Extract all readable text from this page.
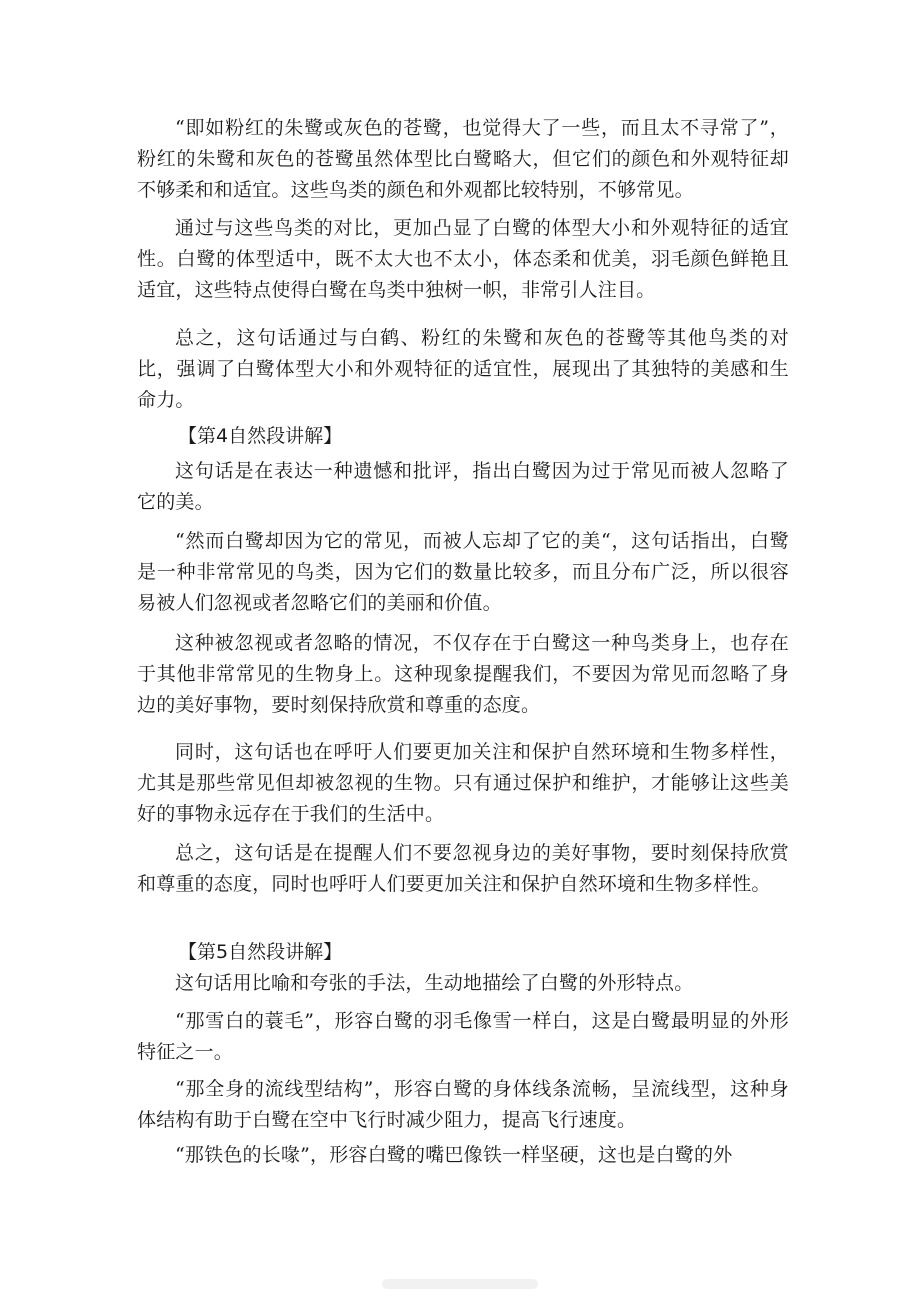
“即如粉红的朱鹭或灰色的苍鹭，也觉得大了一些，而且太不寻常了”，粉红的朱鹭和灰色的苍鹭虽然体型比白鹭略大，但它们的颜色和外观特征却不够柔和和适宜。这些鸟类的颜色和外观都比较特别，不够常见。

通过与这些鸟类的对比，更加凸显了白鹭的体型大小和外观特征的适宜性。白鹭的体型适中，既不太大也不太小，体态柔和优美，羽毛颜色鲜艳且适宜，这些特点使得白鹭在鸟类中独树一帜，非常引人注目。

总之，这句话通过与白鹤、粉红的朱鹭和灰色的苍鹭等其他鸟类的对比，强调了白鹭体型大小和外观特征的适宜性，展现出了其独特的美感和生命力。

【第4自然段讲解】

这句话是在表达一种遗憾和批评，指出白鹭因为过于常见而被人忽略了它的美。

“然而白鹭却因为它的常见，而被人忘却了它的美“，这句话指出，白鹭是一种非常常见的鸟类，因为它们的数量比较多，而且分布广泛，所以很容易被人们忽视或者忽略它们的美丽和价值。

这种被忽视或者忽略的情况，不仅存在于白鹭这一种鸟类身上，也存在于其他非常常见的生物身上。这种现象提醒我们，不要因为常见而忽略了身边的美好事物，要时刻保持欣赏和尊重的态度。

同时，这句话也在呼吁人们要更加关注和保护自然环境和生物多样性，尤其是那些常见但却被忽视的生物。只有通过保护和维护，才能够让这些美好的事物永远存在于我们的生活中。

总之，这句话是在提醒人们不要忽视身边的美好事物，要时刻保持欣赏和尊重的态度，同时也呼吁人们要更加关注和保护自然环境和生物多样性。

【第5自然段讲解】

这句话用比喻和夸张的手法，生动地描绘了白鹭的外形特点。

“那雪白的蓑毛”，形容白鹭的羽毛像雪一样白，这是白鹭最明显的外形特征之一。

“那全身的流线型结构”，形容白鹭的身体线条流畅，呈流线型，这种身体结构有助于白鹭在空中飞行时减少阻力，提高飞行速度。

“那铁色的长喙”，形容白鹭的嘴巴像铁一样坚硬，这也是白鹭的外
